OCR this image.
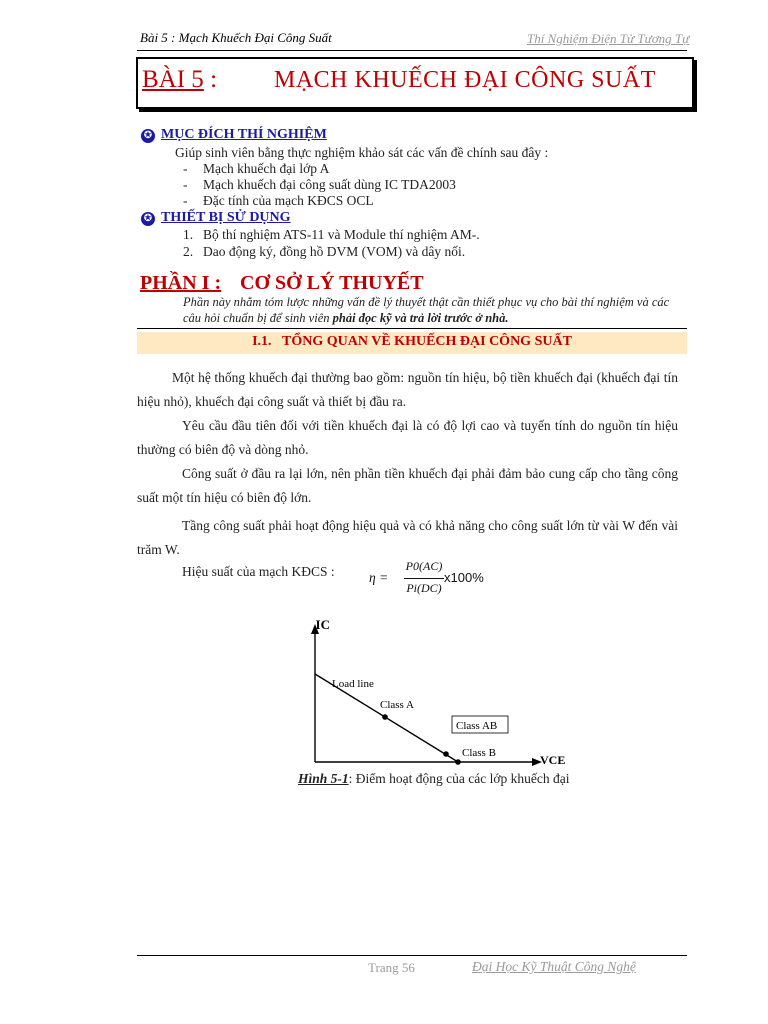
Bài 5 : Mạch Khuếch Đại Công Suất	Thí Nghiệm Điện Tử Tương Tự
BÀI 5 : MẠCH KHUẾCH ĐẠI CÔNG SUẤT
✪ MỤC ĐÍCH THÍ NGHIỆM
Giúp sinh viên bằng thực nghiệm khảo sát các vấn đề chính sau đây :
- Mạch khuếch đại lớp A
- Mạch khuếch đại công suất dùng IC TDA2003
- Đặc tính của mạch KĐCS OCL
✪ THIẾT BỊ SỬ DỤNG
1. Bộ thí nghiệm ATS-11 và Module thí nghiệm AM-.
2. Dao động ký, đồng hồ DVM (VOM) và dây nối.
PHẦN I : CƠ SỞ LÝ THUYẾT
Phần này nhằm tóm lược những vấn đề lý thuyết thật cần thiết phục vụ cho bài thí nghiệm và các câu hỏi chuẩn bị để sinh viên phải đọc kỹ và trả lời trước ở nhà.
I.1. TỔNG QUAN VỀ KHUẾCH ĐẠI CÔNG SUẤT
Một hệ thống khuếch đại thường bao gồm: nguồn tín hiệu, bộ tiền khuếch đại (khuếch đại tín hiệu nhỏ), khuếch đại công suất và thiết bị đầu ra.
Yêu cầu đầu tiên đối với tiền khuếch đại là có độ lợi cao và tuyến tính do nguồn tín hiệu thường có biên độ và dòng nhỏ.
Công suất ở đầu ra lại lớn, nên phần tiền khuếch đại phải đảm bảo cung cấp cho tầng công suất một tín hiệu có biên độ lớn.
Tầng công suất phải hoạt động hiệu quả và có khả năng cho công suất lớn từ vài W đến vài trăm W.
Hiệu suất của mạch KĐCS :	η =
P0(AC)
Pi(DC)
x100%
IC
VCE
Load line
Class A
Class AB
Class B
Hình 5-1: Điểm hoạt động của các lớp khuếch đại
Trang 56	Đại Học Kỹ Thuật Công Nghệ
